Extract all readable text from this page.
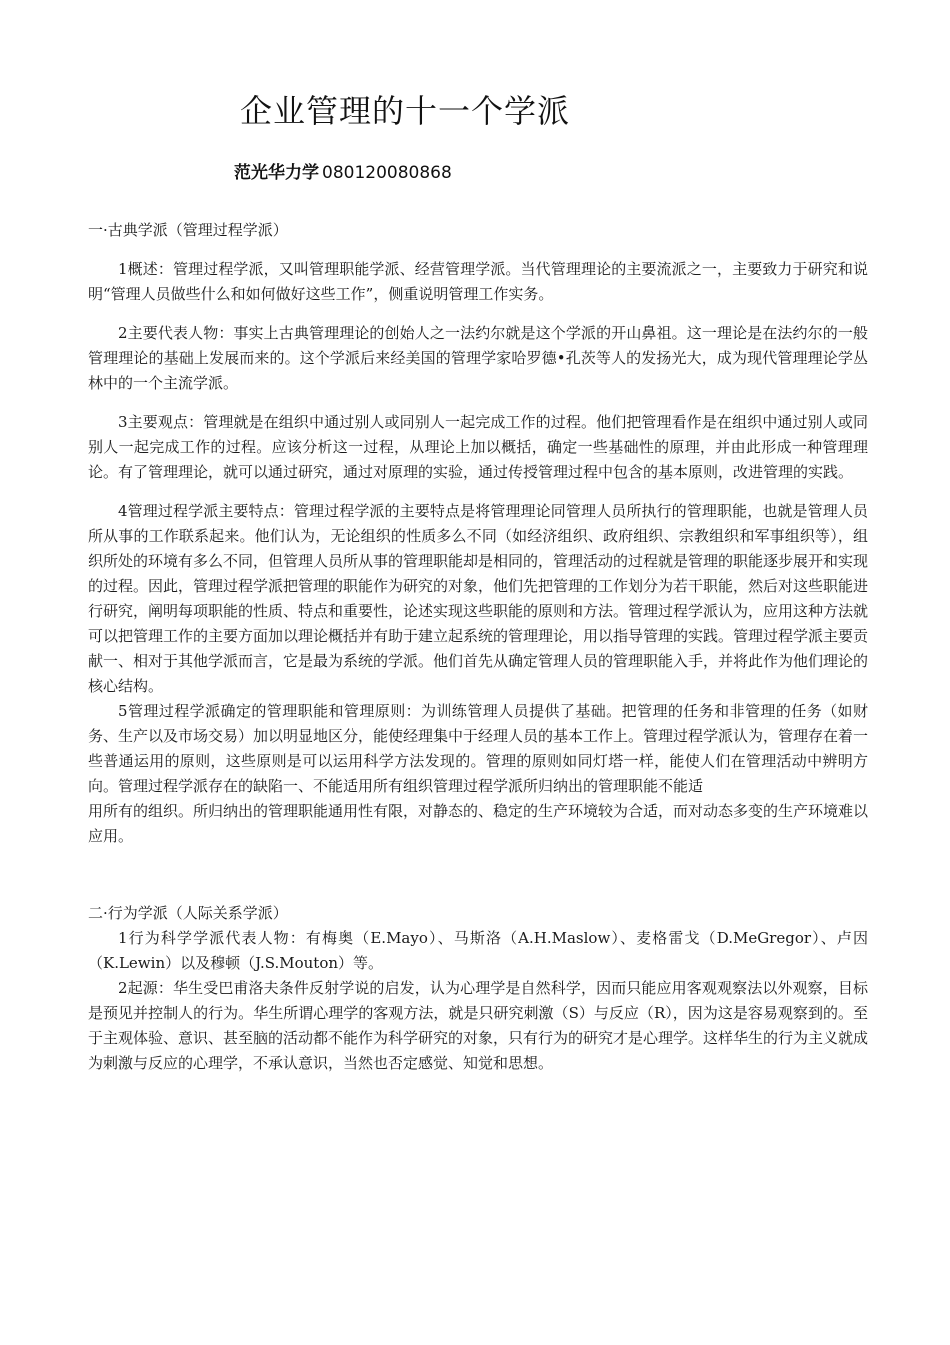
企业管理的十一个学派
范光华力学 080120080868

一·古典学派（管理过程学派）

1概述：管理过程学派，又叫管理职能学派、经营管理学派。当代管理理论的主要流派之一，主要致力于研究和说明“管理人员做些什么和如何做好这些工作”，侧重说明管理工作实务。

2主要代表人物：事实上古典管理理论的创始人之一法约尔就是这个学派的开山鼻祖。这一理论是在法约尔的一般管理理论的基础上发展而来的。这个学派后来经美国的管理学家哈罗德•孔茨等人的发扬光大，成为现代管理理论学丛林中的一个主流学派。

3主要观点：管理就是在组织中通过别人或同别人一起完成工作的过程。他们把管理看作是在组织中通过别人或同别人一起完成工作的过程。应该分析这一过程，从理论上加以概括，确定一些基础性的原理，并由此形成一种管理理论。有了管理理论，就可以通过研究，通过对原理的实验，通过传授管理过程中包含的基本原则，改进管理的实践。

4管理过程学派主要特点：管理过程学派的主要特点是将管理理论同管理人员所执行的管理职能，也就是管理人员所从事的工作联系起来。他们认为，无论组织的性质多么不同（如经济组织、政府组织、宗教组织和军事组织等），组织所处的环境有多么不同，但管理人员所从事的管理职能却是相同的，管理活动的过程就是管理的职能逐步展开和实现的过程。因此，管理过程学派把管理的职能作为研究的对象，他们先把管理的工作划分为若干职能，然后对这些职能进行研究，阐明每项职能的性质、特点和重要性，论述实现这些职能的原则和方法。管理过程学派认为，应用这种方法就可以把管理工作的主要方面加以理论概括并有助于建立起系统的管理理论，用以指导管理的实践。管理过程学派主要贡献一、相对于其他学派而言，它是最为系统的学派。他们首先从确定管理人员的管理职能入手，并将此作为他们理论的核心结构。

5管理过程学派确定的管理职能和管理原则：为训练管理人员提供了基础。把管理的任务和非管理的任务（如财务、生产以及市场交易）加以明显地区分，能使经理集中于经理人员的基本工作上。管理过程学派认为，管理存在着一些普通运用的原则，这些原则是可以运用科学方法发现的。管理的原则如同灯塔一样，能使人们在管理活动中辨明方向。管理过程学派存在的缺陷一、不能适用所有组织管理过程学派所归纳出的管理职能不能适

用所有的组织。所归纳出的管理职能通用性有限，对静态的、稳定的生产环境较为合适，而对动态多变的生产环境难以应用。

二·行为学派（人际关系学派）

1行为科学学派代表人物：有梅奥（E.Mayo）、马斯洛（A.H.Maslow）、麦格雷戈（D.MeGregor）、卢因（K.Lewin）以及穆顿（J.S.Mouton）等。

2起源：华生受巴甫洛夫条件反射学说的启发，认为心理学是自然科学，因而只能应用客观观察法以外观察，目标是预见并控制人的行为。华生所谓心理学的客观方法，就是只研究刺激（S）与反应（R），因为这是容易观察到的。至于主观体验、意识、甚至脑的活动都不能作为科学研究的对象，只有行为的研究才是心理学。这样华生的行为主义就成为刺激与反应的心理学，不承认意识，当然也否定感觉、知觉和思想。
